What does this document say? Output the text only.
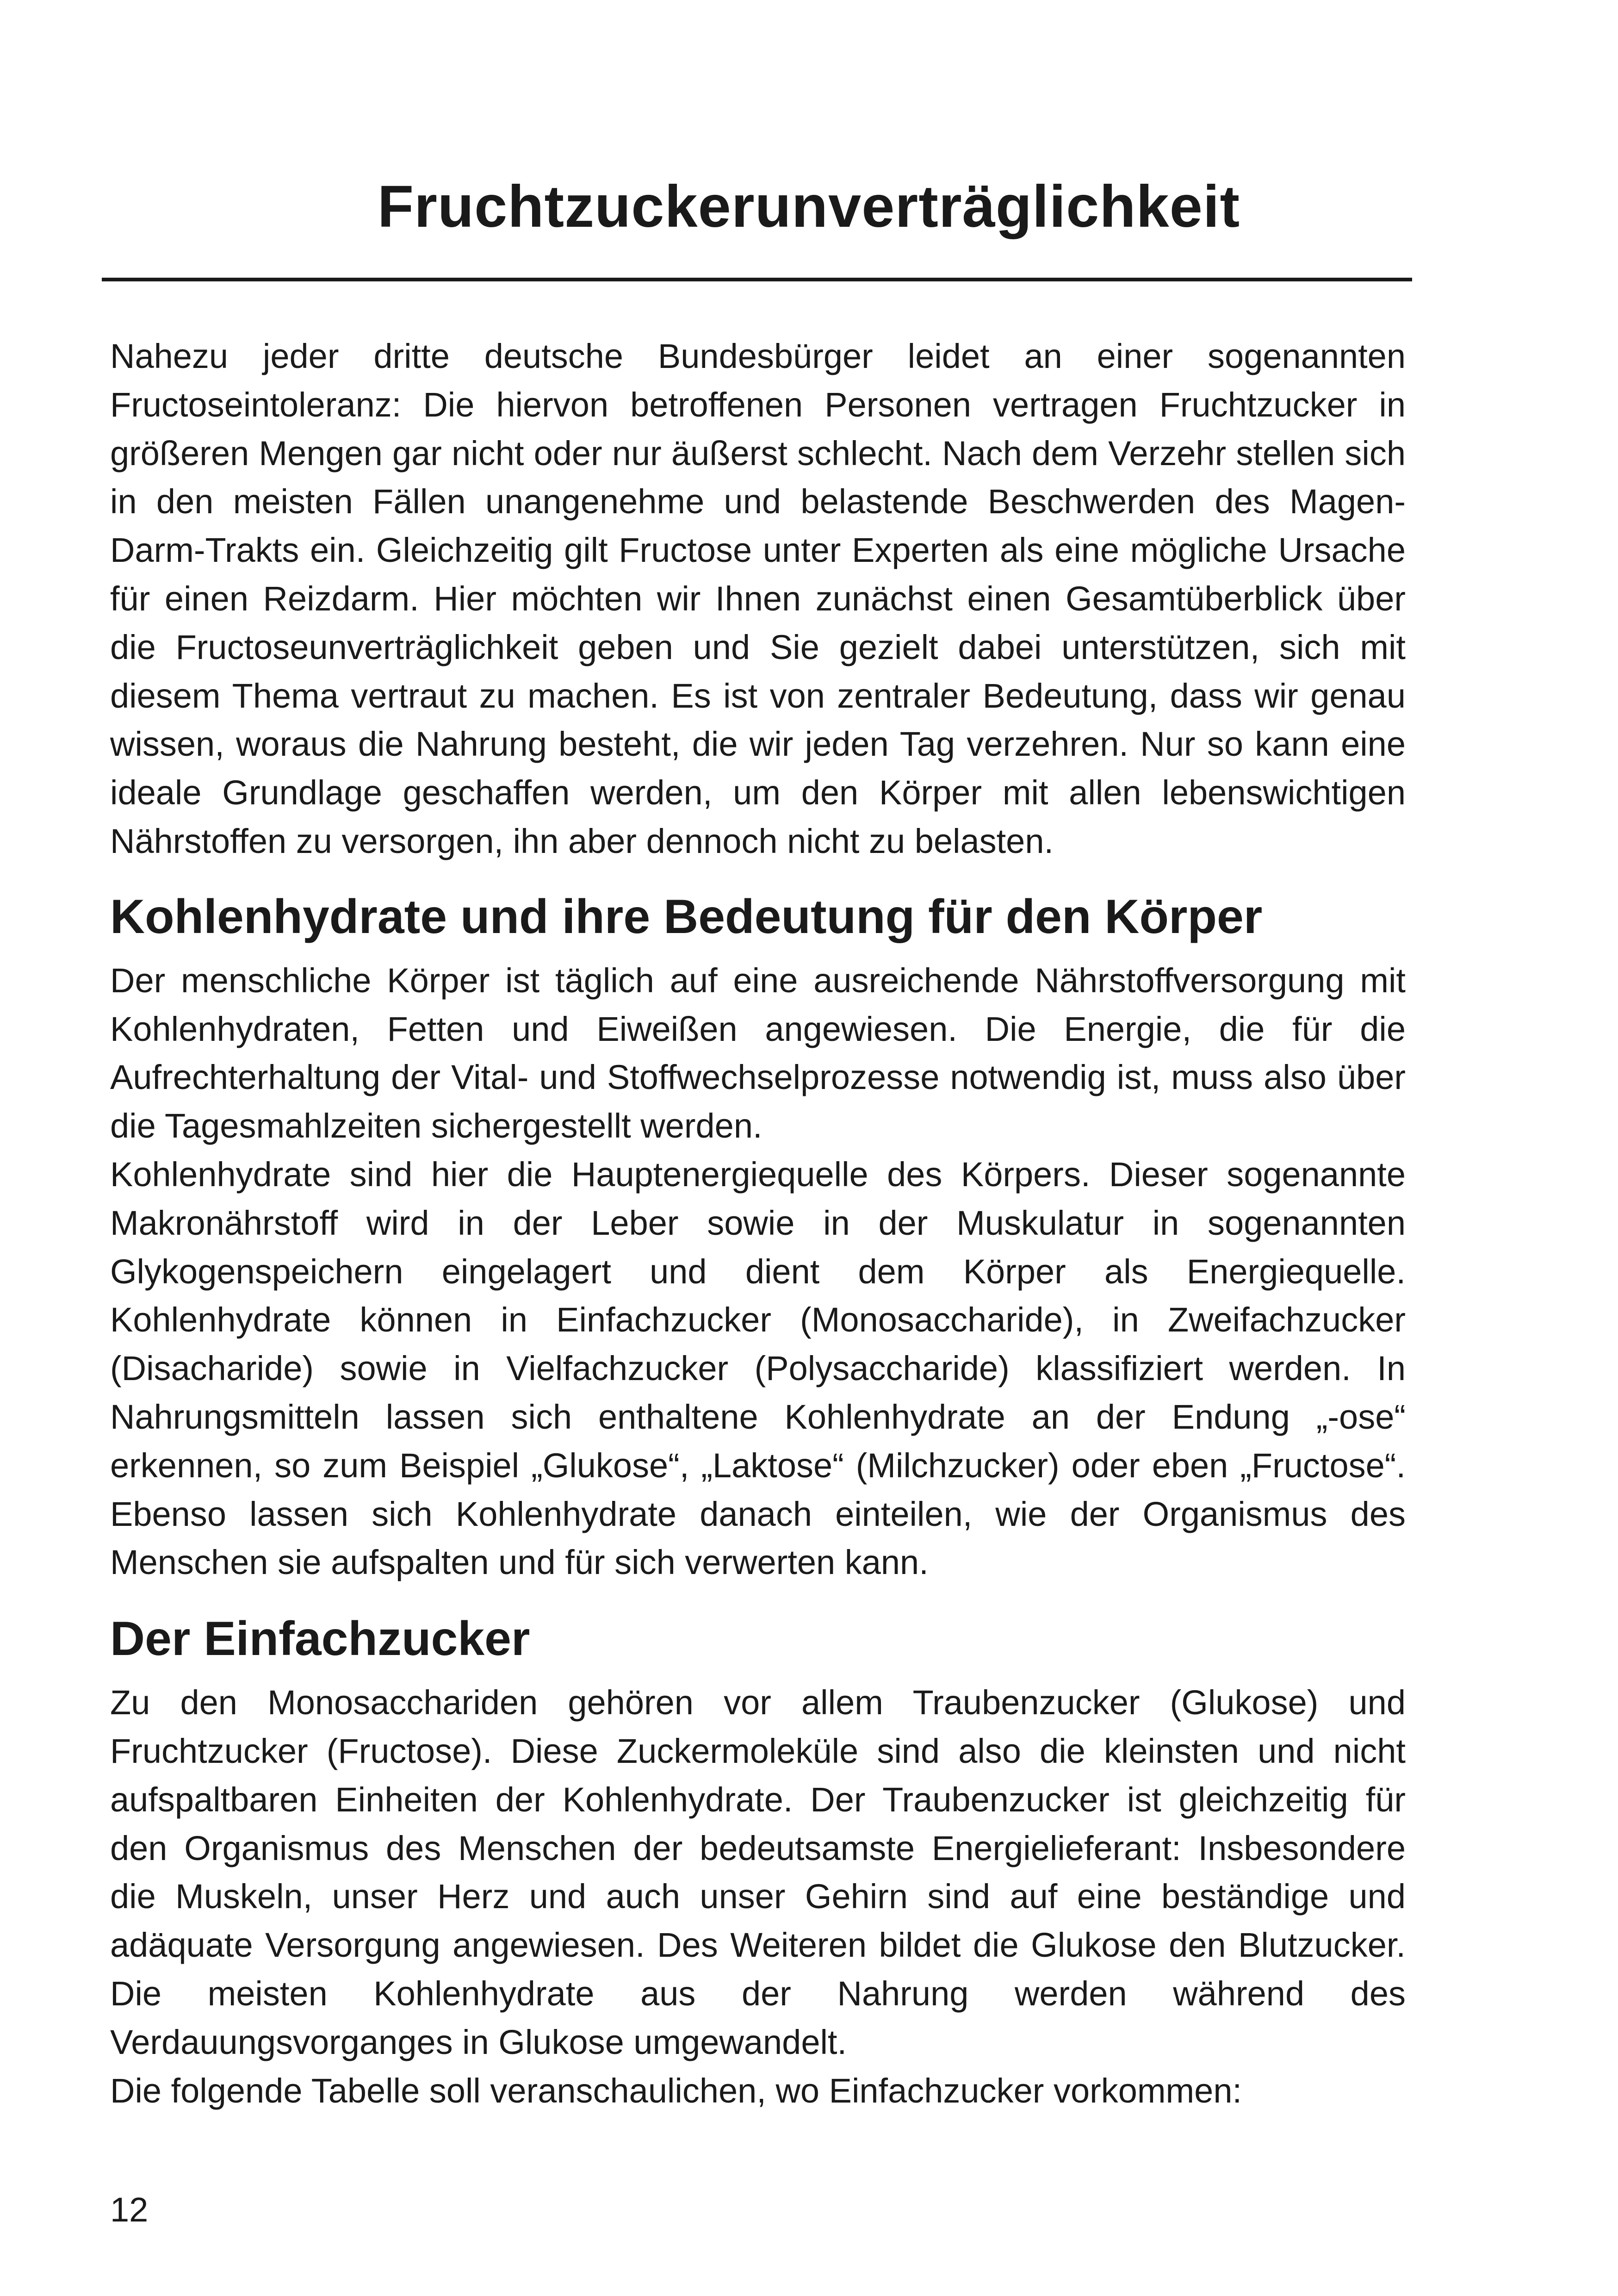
Fruchtzuckerunverträglichkeit

Nahezu jeder dritte deutsche Bundesbürger leidet an einer sogenannten Fructoseintoleranz: Die hiervon betroffenen Personen vertragen Fruchtzucker in größeren Mengen gar nicht oder nur äußerst schlecht. Nach dem Verzehr stellen sich in den meisten Fällen unangenehme und belastende Beschwerden des Magen-Darm-Trakts ein. Gleichzeitig gilt Fructose unter Experten als eine mögliche Ursache für einen Reizdarm. Hier möchten wir Ihnen zunächst einen Gesamtüberblick über die Fructoseunverträglichkeit geben und Sie gezielt dabei unterstützen, sich mit diesem Thema vertraut zu machen. Es ist von zentraler Bedeutung, dass wir genau wissen, woraus die Nahrung besteht, die wir jeden Tag verzehren. Nur so kann eine ideale Grundlage geschaffen werden, um den Körper mit allen lebenswichtigen Nährstoffen zu versorgen, ihn aber dennoch nicht zu belasten.

Kohlenhydrate und ihre Bedeutung für den Körper

Der menschliche Körper ist täglich auf eine ausreichende Nährstoffversorgung mit Kohlenhydraten, Fetten und Eiweißen angewiesen. Die Energie, die für die Aufrechterhaltung der Vital- und Stoffwechselprozesse notwendig ist, muss also über die Tagesmahlzeiten sichergestellt werden.

Kohlenhydrate sind hier die Hauptenergiequelle des Körpers. Dieser sogenannte Makronährstoff wird in der Leber sowie in der Muskulatur in sogenannten Glykogenspeichern eingelagert und dient dem Körper als Energiequelle. Kohlenhydrate können in Einfachzucker (Monosaccharide), in Zweifachzucker (Disacharide) sowie in Vielfachzucker (Polysaccharide) klassifiziert werden. In Nahrungsmitteln lassen sich enthaltene Kohlenhydrate an der Endung „-ose“ erkennen, so zum Beispiel „Glukose“, „Laktose“ (Milchzucker) oder eben „Fructose“. Ebenso lassen sich Kohlenhydrate danach einteilen, wie der Organismus des Menschen sie aufspalten und für sich verwerten kann.

Der Einfachzucker

Zu den Monosacchariden gehören vor allem Traubenzucker (Glukose) und Fruchtzucker (Fructose). Diese Zuckermoleküle sind also die kleinsten und nicht aufspaltbaren Einheiten der Kohlenhydrate. Der Traubenzucker ist gleichzeitig für den Organismus des Menschen der bedeutsamste Energielieferant: Insbesondere die Muskeln, unser Herz und auch unser Gehirn sind auf eine beständige und adäquate Versorgung angewiesen. Des Weiteren bildet die Glukose den Blutzucker. Die meisten Kohlenhydrate aus der Nahrung werden während des Verdauungsvorganges in Glukose umgewandelt.

Die folgende Tabelle soll veranschaulichen, wo Einfachzucker vorkommen:

12
